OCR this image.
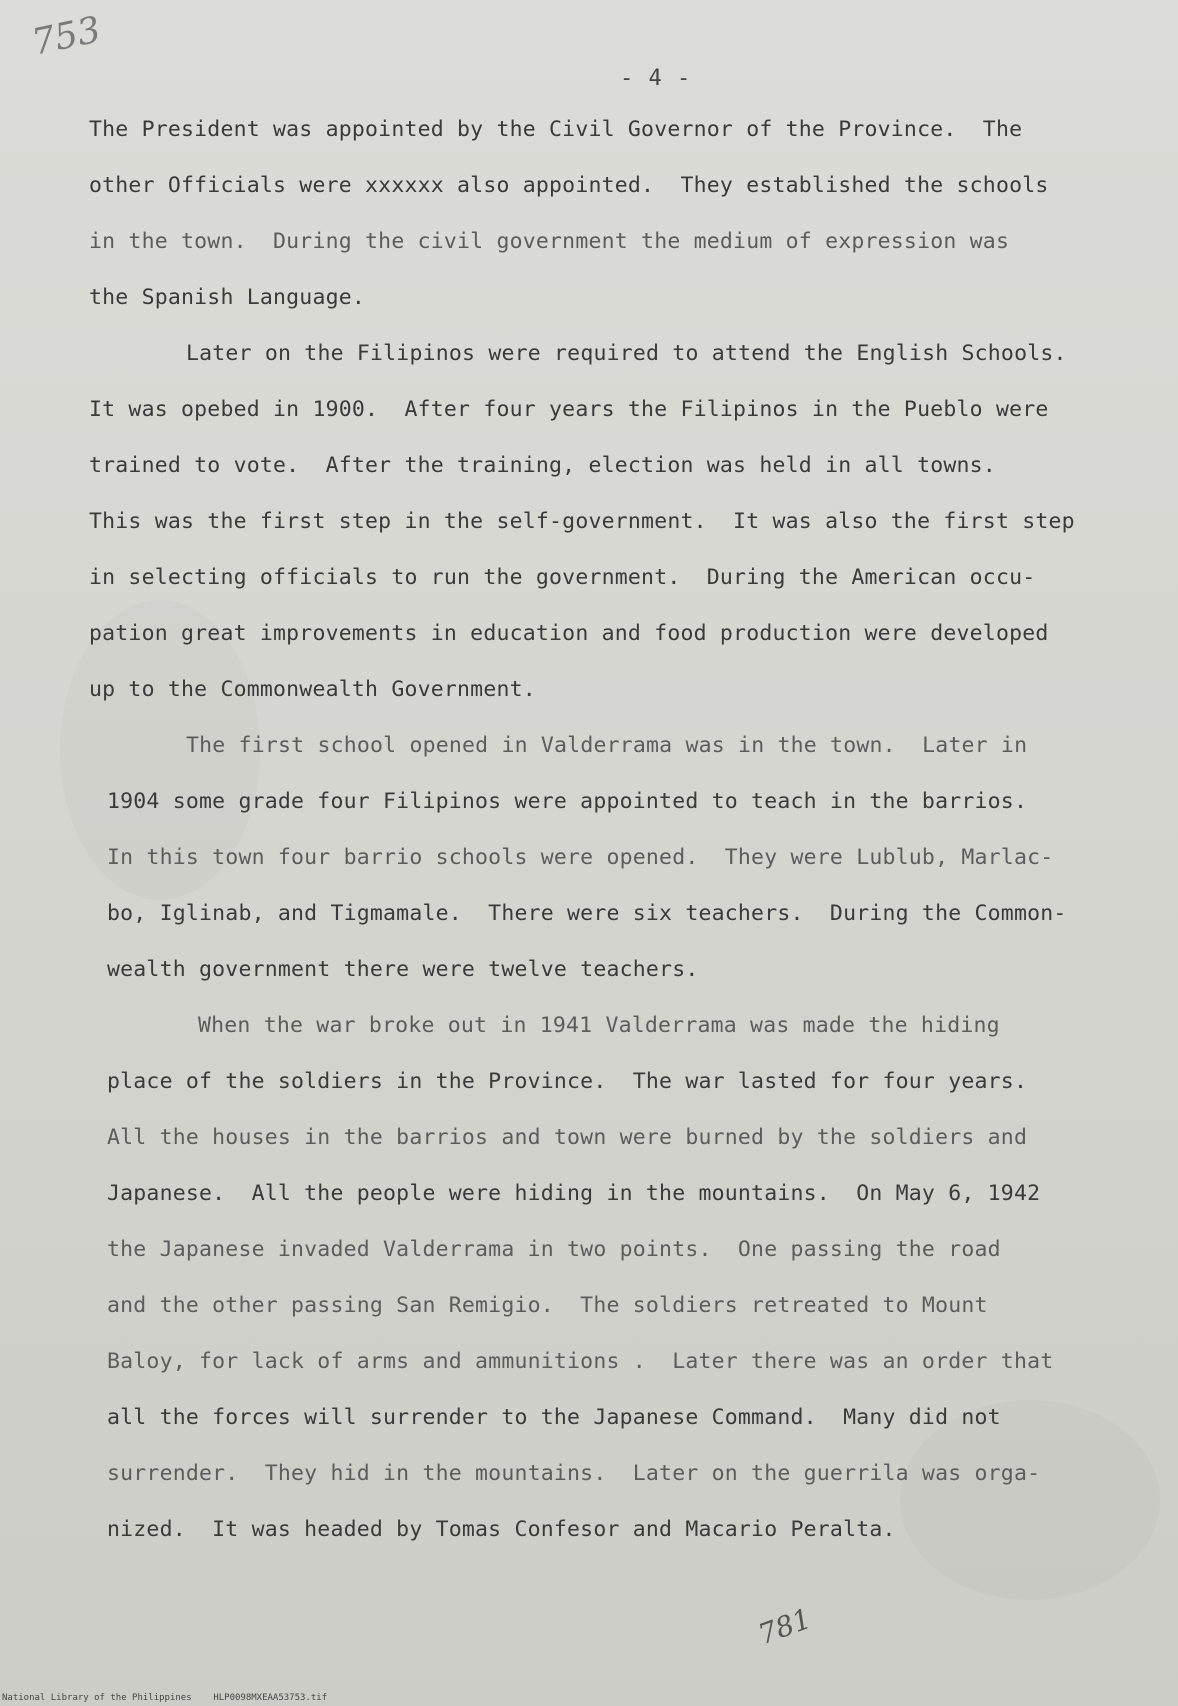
753
- 4 -
The President was appointed by the Civil Governor of the Province.  The
other Officials were xxxxxx also appointed.  They established the schools
in the town.  During the civil government the medium of expression was
the Spanish Language.
Later on the Filipinos were required to attend the English Schools.
It was opebed in 1900.  After four years the Filipinos in the Pueblo were
trained to vote.  After the training, election was held in all towns.
This was the first step in the self-government.  It was also the first step
in selecting officials to run the government.  During the American occu-
pation great improvements in education and food production were developed
up to the Commonwealth Government.
The first school opened in Valderrama was in the town.  Later in
1904 some grade four Filipinos were appointed to teach in the barrios.
In this town four barrio schools were opened.  They were Lublub, Marlac-
bo, Iglinab, and Tigmamale.  There were six teachers.  During the Common-
wealth government there were twelve teachers.
When the war broke out in 1941 Valderrama was made the hiding
place of the soldiers in the Province.  The war lasted for four years.
All the houses in the barrios and town were burned by the soldiers and
Japanese.  All the people were hiding in the mountains.  On May 6, 1942
the Japanese invaded Valderrama in two points.  One passing the road
and the other passing San Remigio.  The soldiers retreated to Mount
Baloy, for lack of arms and ammunitions .  Later there was an order that
all the forces will surrender to the Japanese Command.  Many did not
surrender.  They hid in the mountains.  Later on the guerrila was orga-
nized.  It was headed by Tomas Confesor and Macario Peralta.
781
National Library of the Philippines    HLP0098MXEAA53753.tif
